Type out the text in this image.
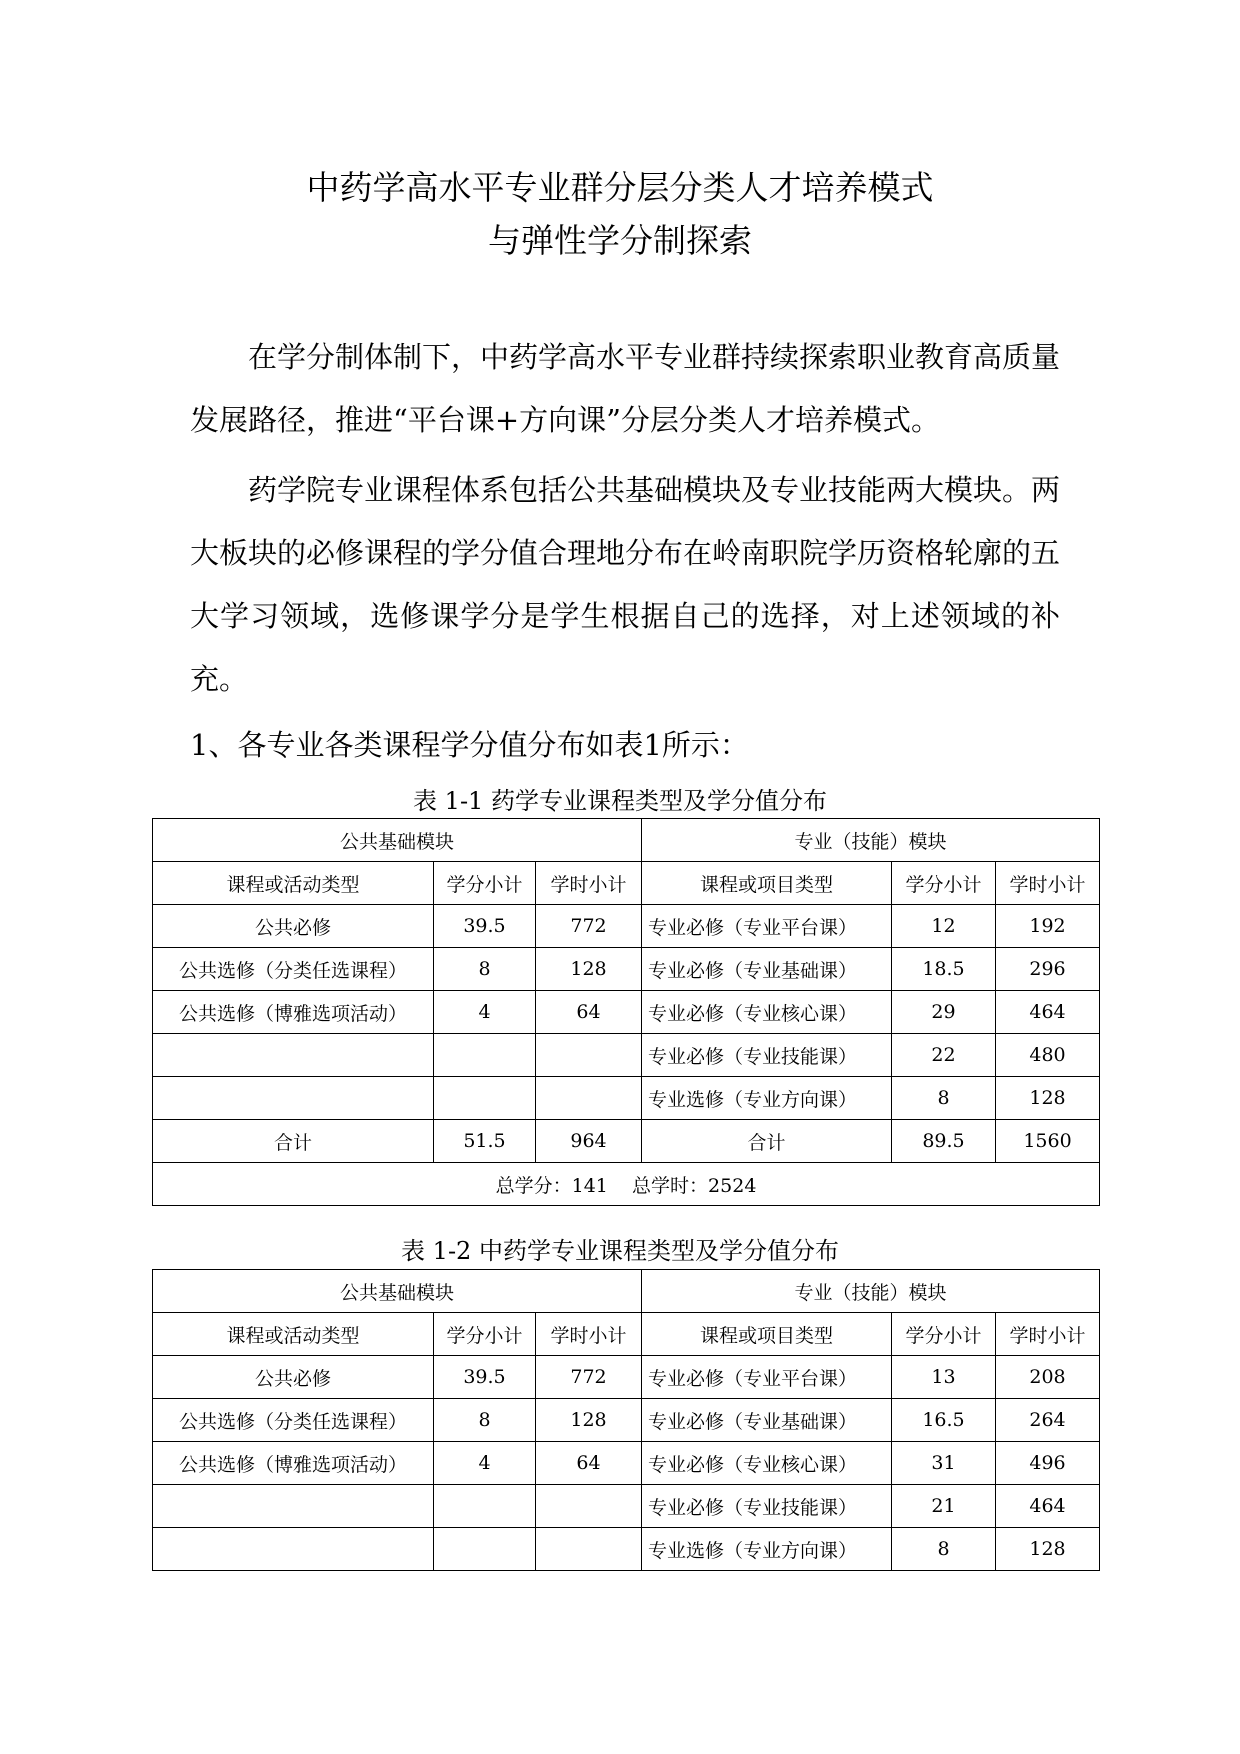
中药学高水平专业群分层分类人才培养模式
与弹性学分制探索

在学分制体制下，中药学高水平专业群持续探索职业教育高质量发展路径，推进“平台课+方向课”分层分类人才培养模式。

药学院专业课程体系包括公共基础模块及专业技能两大模块。两大板块的必修课程的学分值合理地分布在岭南职院学历资格轮廓的五大学习领域，选修课学分是学生根据自己的选择，对上述领域的补充。

1、各专业各类课程学分值分布如表1所示：
表 1-1 药学专业课程类型及学分值分布
公共基础模块			专业（技能）模块		
课程或活动类型	学分小计	学时小计	课程或项目类型	学分小计	学时小计
公共必修	39.5	772	专业必修（专业平台课）	12	192
公共选修（分类任选课程）	8	128	专业必修（专业基础课）	18.5	296
公共选修（博雅选项活动）	4	64	专业必修（专业核心课）	29	464
			专业必修（专业技能课）	22	480
			专业选修（专业方向课）	8	128
合计	51.5	964	合计	89.5	1560
总学分：141    总学时：2524					
表 1-2 中药学专业课程类型及学分值分布
公共基础模块			专业（技能）模块		
课程或活动类型	学分小计	学时小计	课程或项目类型	学分小计	学时小计
公共必修	39.5	772	专业必修（专业平台课）	13	208
公共选修（分类任选课程）	8	128	专业必修（专业基础课）	16.5	264
公共选修（博雅选项活动）	4	64	专业必修（专业核心课）	31	496
			专业必修（专业技能课）	21	464
			专业选修（专业方向课）	8	128
